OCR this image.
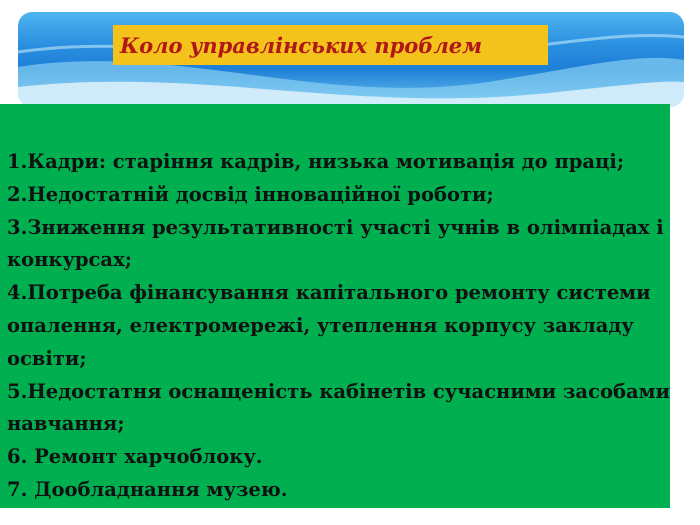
Коло управлінських проблем
1.Кадри: старіння кадрів, низька мотивація до праці;
2.Недостатній досвід інноваційної роботи;
3.Зниження результативності участі учнів в олімпіадах і конкурсах;
4.Потреба фінансування капітального ремонту системи опалення, електромережі, утеплення корпусу закладу освіти;
5.Недостатня оснащеність кабінетів сучасними засобами навчання;
6. Ремонт харчоблоку.
7. Дообладнання музею.
